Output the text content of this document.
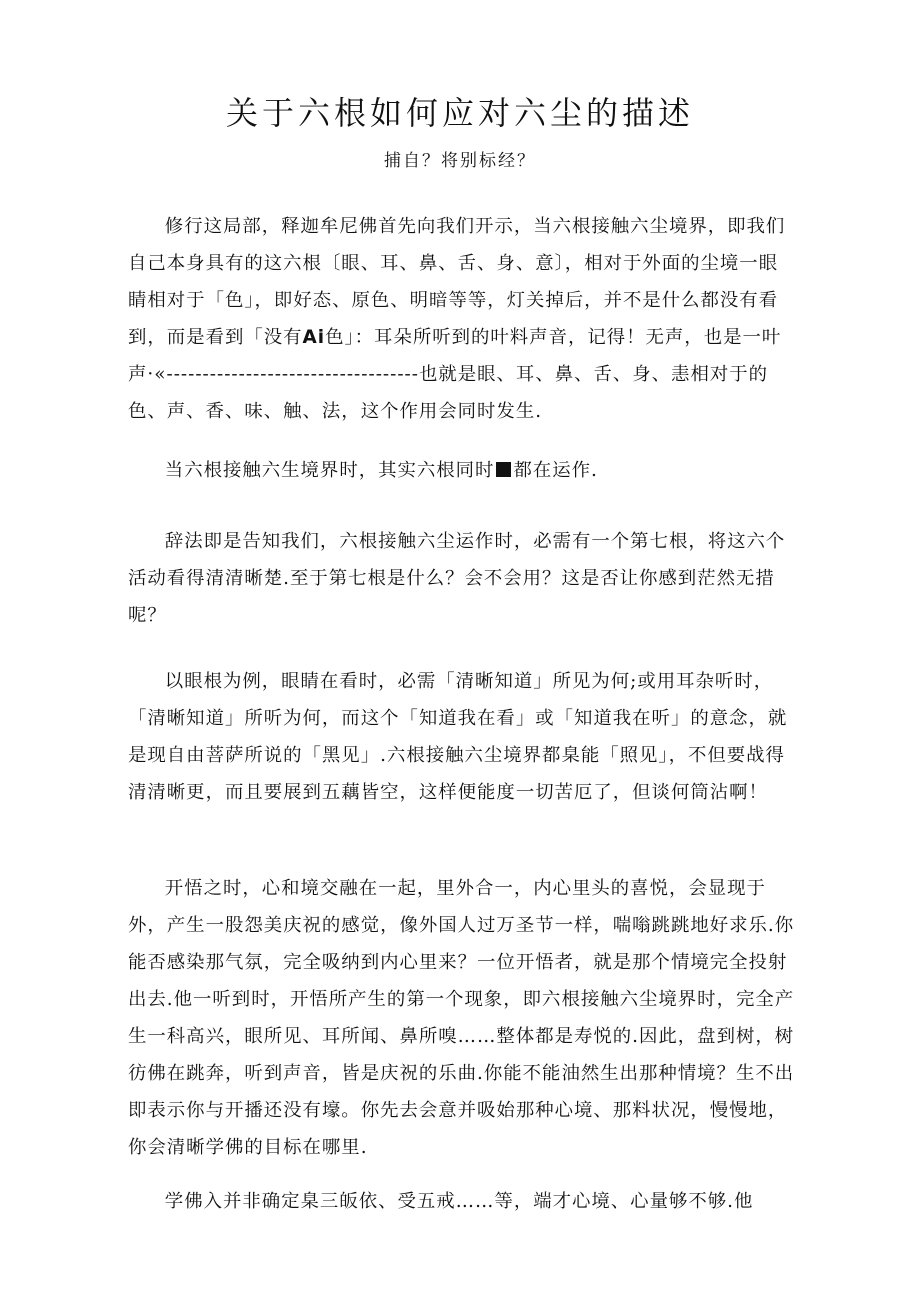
关于六根如何应对六尘的描述
捕自？将别标经？

修行这局部，释迦牟尼佛首先向我们开示，当六根接触六尘境界，即我们自己本身具有的这六根〔眼、耳、鼻、舌、身、意〕，相对于外面的尘境一眼睛相对于「色」，即好态、原色、明暗等等，灯关掉后，并不是什么都没有看到，而是看到「没有Ai色」：耳朵所听到的叶料声音，记得！无声，也是一叶声·«-----------------------------------也就是眼、耳、鼻、舌、身、恚相对于的色、声、香、味、触、法，这个作用会同时发生.

当六根接触六生境界时，其实六根同时 都在运作.

辞法即是告知我们，六根接触六尘运作时，必需有一个第七根，将这六个活动看得清清晰楚.至于第七根是什么？会不会用？这是否让你感到茫然无措呢？

以眼根为例，眼睛在看时，必需「清晰知道」所见为何;或用耳杂听时，「清晰知道」所听为何，而这个「知道我在看」或「知道我在听」的意念，就是现自由菩萨所说的「黑见」.六根接触六尘境界都臬能「照见」，不但要战得清清晰更，而且要展到五藕皆空，这样便能度一切苦厄了，但谈何筒沾啊！

开悟之时，心和境交融在一起，里外合一，内心里头的喜悦，会显现于外，产生一股怨美庆祝的感觉，像外国人过万圣节一样，喘嗡跳跳地好求乐.你能否感染那气氛，完全吸纳到内心里来？一位开悟者，就是那个情境完全投射出去.他一听到时，开悟所产生的第一个现象，即六根接触六尘境界时，完全产生一科高兴，眼所见、耳所闻、鼻所嗅……整体都是寿悦的.因此，盘到树，树彷佛在跳奔，听到声音，皆是庆祝的乐曲.你能不能油然生出那种情境？生不出即表示你与开播还没有壕。你先去会意并吸始那种心境、那料状况，慢慢地，你会清晰学佛的目标在哪里.

学佛入并非确定臬三皈依、受五戒……等，端才心境、心量够不够.他
